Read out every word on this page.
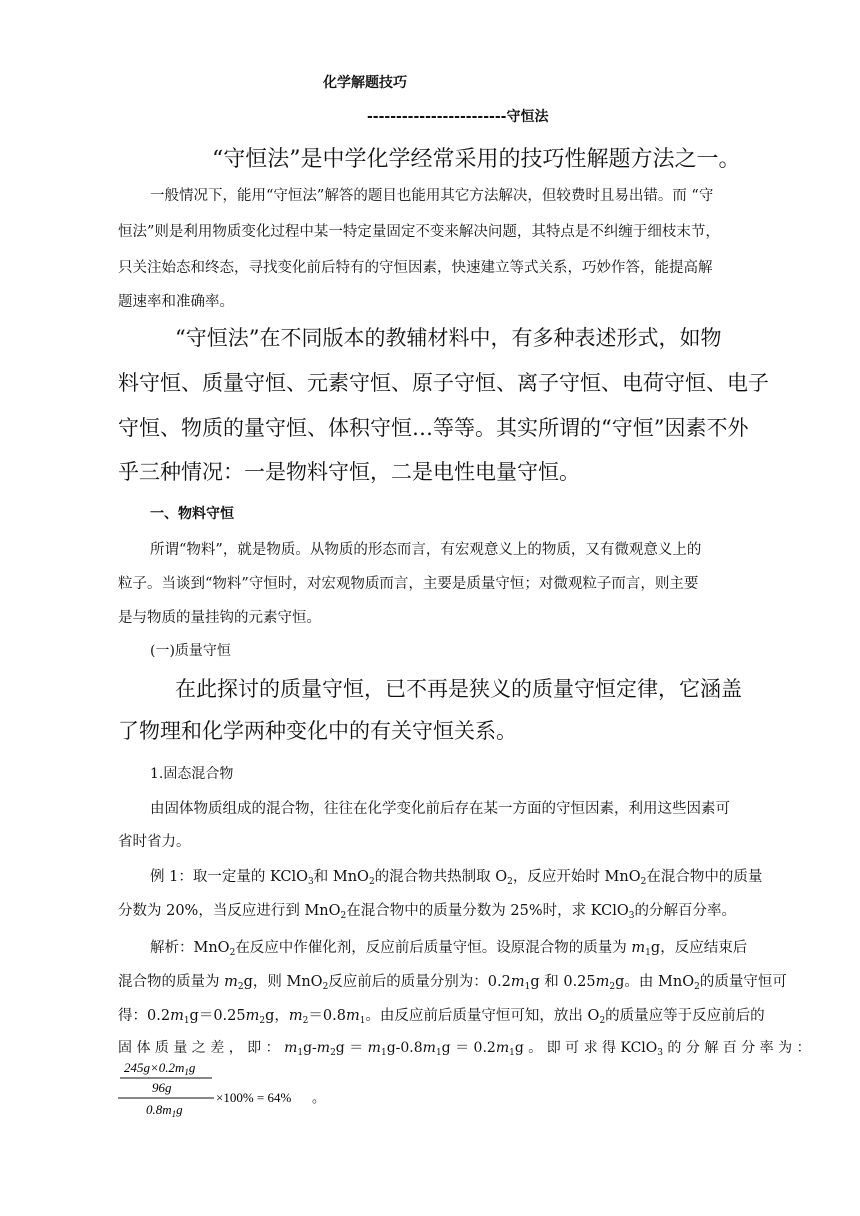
化学解题技巧
------------------------守恒法
“守恒法”是中学化学经常采用的技巧性解题方法之一。
一般情况下，能用“守恒法”解答的题目也能用其它方法解决，但较费时且易出错。而 “守
恒法”则是利用物质变化过程中某一特定量固定不变来解决问题，其特点是不纠缠于细枝末节，
只关注始态和终态，寻找变化前后特有的守恒因素，快速建立等式关系，巧妙作答，能提高解
题速率和准确率。
“守恒法”在不同版本的教辅材料中，有多种表述形式，如物
料守恒、质量守恒、元素守恒、原子守恒、离子守恒、电荷守恒、电子
守恒、物质的量守恒、体积守恒…等等。其实所谓的“守恒”因素不外
乎三种情况：一是物料守恒，二是电性电量守恒。
一、物料守恒
所谓“物料”，就是物质。从物质的形态而言，有宏观意义上的物质，又有微观意义上的
粒子。当谈到“物料”守恒时，对宏观物质而言，主要是质量守恒；对微观粒子而言，则主要
是与物质的量挂钩的元素守恒。
(一)质量守恒
在此探讨的质量守恒，已不再是狭义的质量守恒定律，它涵盖
了物理和化学两种变化中的有关守恒关系。
1.固态混合物
由固体物质组成的混合物，往往在化学变化前后存在某一方面的守恒因素，利用这些因素可
省时省力。
例 1：取一定量的 KClO$_3$和 MnO$_2$的混合物共热制取 $O_2$，反应开始时 MnO$_2$在混合物中的质量
分数为 20%，当反应进行到 MnO$_2$在混合物中的质量分数为 25%时，求 KClO$_3$的分解百分率。
解析：MnO$_2$在反应中作催化剂，反应前后质量守恒。设原混合物的质量为 $m_1g$，反应结束后
混合物的质量为 $m_2g$，则 MnO$_2$反应前后的质量分别为：$0.2m_1g$ 和 $0.25m_2g$。由 MnO$_2$的质量守恒可
得：$0.2m_1g=0.25m_2g$，$m_2=0.8m_1$。由反应前后质量守恒可知，放出 $O_2$的质量应等于反应前后的
固 体 质 量 之 差 ， 即 ： $m_1g-m_2g = m_1g-0.8m_1g = 0.2m_1g$ 。 即 可 求 得 KClO$_3$ 的 分 解 百 分 率 为 ：
$245g\times 0.2m_1g$
96g
$0.8m_1g$
×100% = 64% 。
